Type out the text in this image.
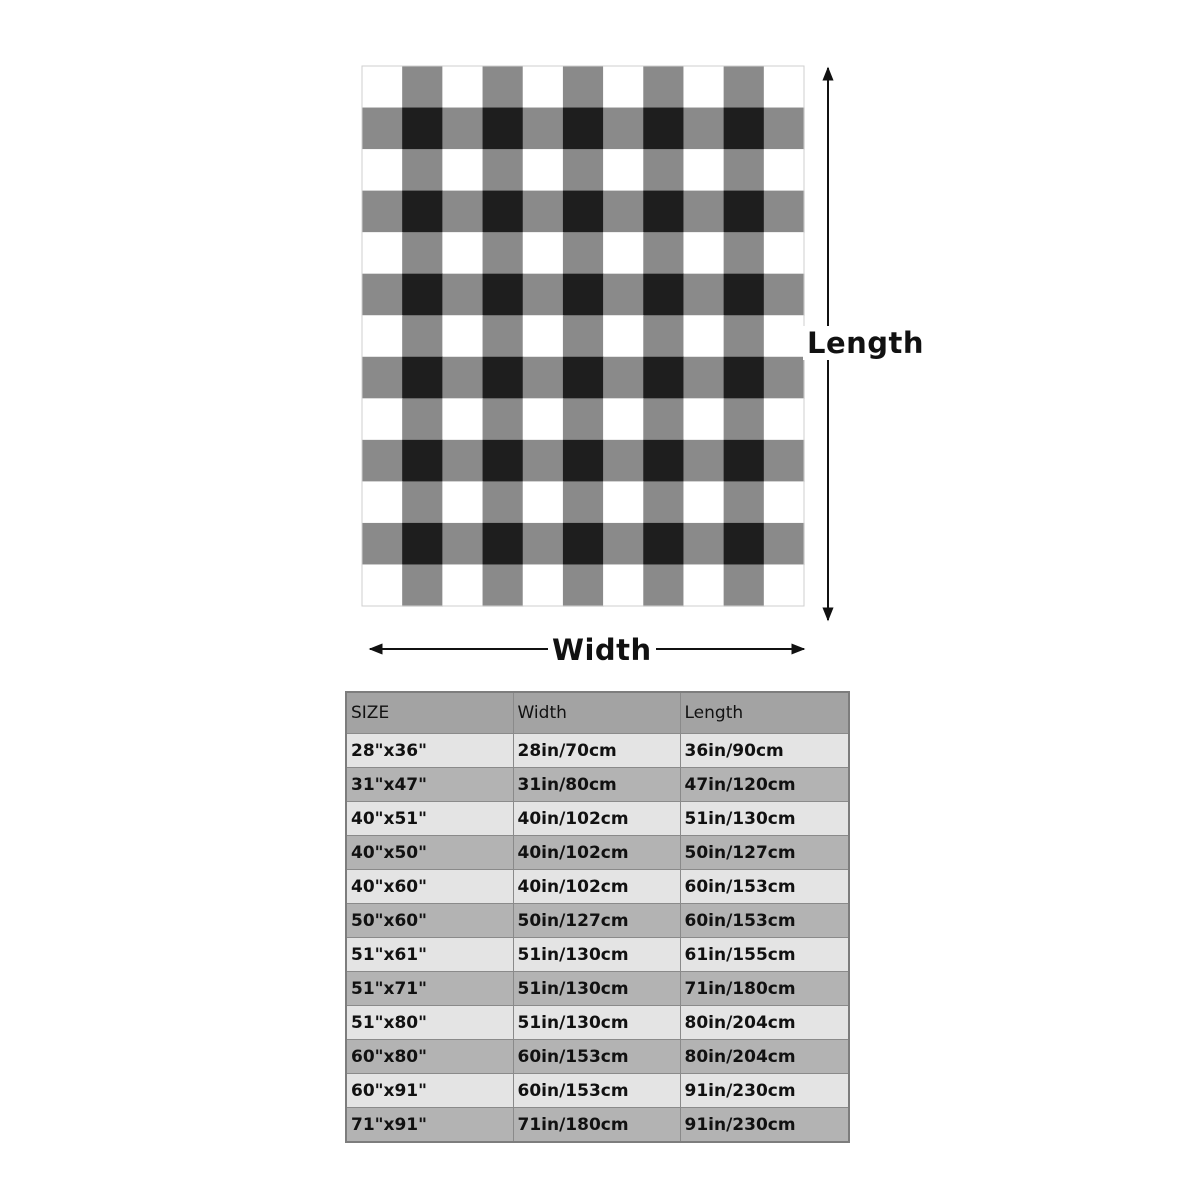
Length
Width
SIZE	Width	Length
28"x36"	28in/70cm	36in/90cm
31"x47"	31in/80cm	47in/120cm
40"x51"	40in/102cm	51in/130cm
40"x50"	40in/102cm	50in/127cm
40"x60"	40in/102cm	60in/153cm
50"x60"	50in/127cm	60in/153cm
51"x61"	51in/130cm	61in/155cm
51"x71"	51in/130cm	71in/180cm
51"x80"	51in/130cm	80in/204cm
60"x80"	60in/153cm	80in/204cm
60"x91"	60in/153cm	91in/230cm
71"x91"	71in/180cm	91in/230cm
